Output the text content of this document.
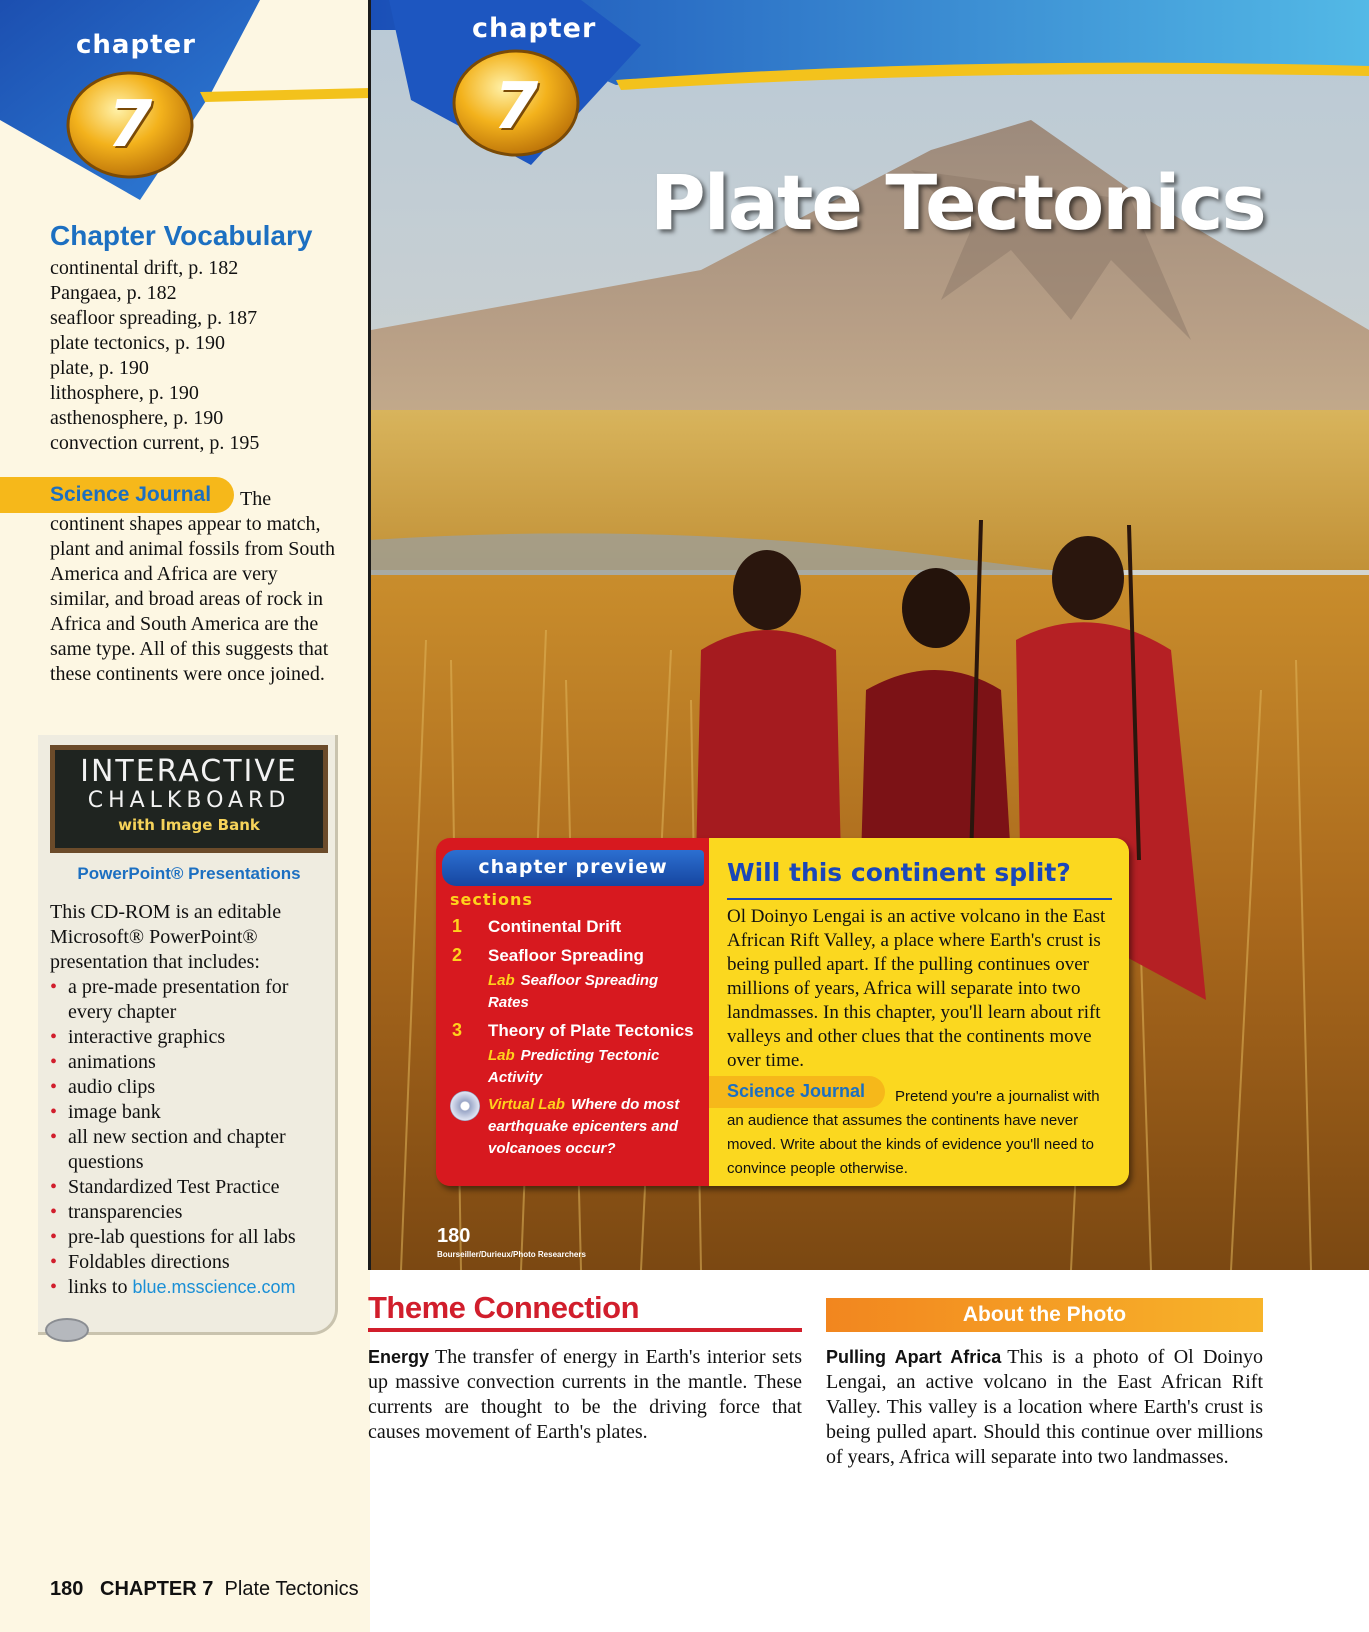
chapter
7
Chapter Vocabulary
continental drift, p. 182
Pangaea, p. 182
seafloor spreading, p. 187
plate tectonics, p. 190
plate, p. 190
lithosphere, p. 190
asthenosphere, p. 190
convection current, p. 195
Science Journal	The continent shapes appear to match, plant and animal fossils from South America and Africa are very similar, and broad areas of rock in Africa and South America are the same type. All of this suggests that these continents were once joined.

INTERACTIVE
CHALKBOARD
with Image Bank
PowerPoint® Presentations

This CD-ROM is an editable Microsoft® PowerPoint® presentation that includes:

• a pre-made presentation for every chapter
• interactive graphics
• animations
• audio clips
• image bank
• all new section and chapter questions
• Standardized Test Practice
• transparencies
• pre-lab questions for all labs
• Foldables directions
• links to blue.msscience.com
180 CHAPTER 7 Plate Tectonics
chapter
7
Plate Tectonics
chapter preview
sections
1 Continental Drift
2 Seafloor Spreading
Lab Seafloor Spreading Rates
3 Theory of Plate Tectonics
Lab Predicting Tectonic Activity
Virtual Lab Where do most earthquake epicenters and volcanoes occur?
Will this continent split?

Ol Doinyo Lengai is an active volcano in the East African Rift Valley, a place where Earth's crust is being pulled apart. If the pulling continues over millions of years, Africa will separate into two landmasses. In this chapter, you'll learn about rift valleys and other clues that the continents move over time.

Science Journal	Pretend you're a journalist with an audience that assumes the continents have never moved. Write about the kinds of evidence you'll need to convince people otherwise.

180
Bourseiller/Durieux/Photo Researchers
Theme Connection

Energy The transfer of energy in Earth's interior sets up massive convection currents in the mantle. These currents are thought to be the driving force that causes movement of Earth's plates.

About the Photo

Pulling Apart Africa This is a photo of Ol Doinyo Lengai, an active volcano in the East African Rift Valley. This valley is a location where Earth's crust is being pulled apart. Should this continue over millions of years, Africa will separate into two landmasses.
